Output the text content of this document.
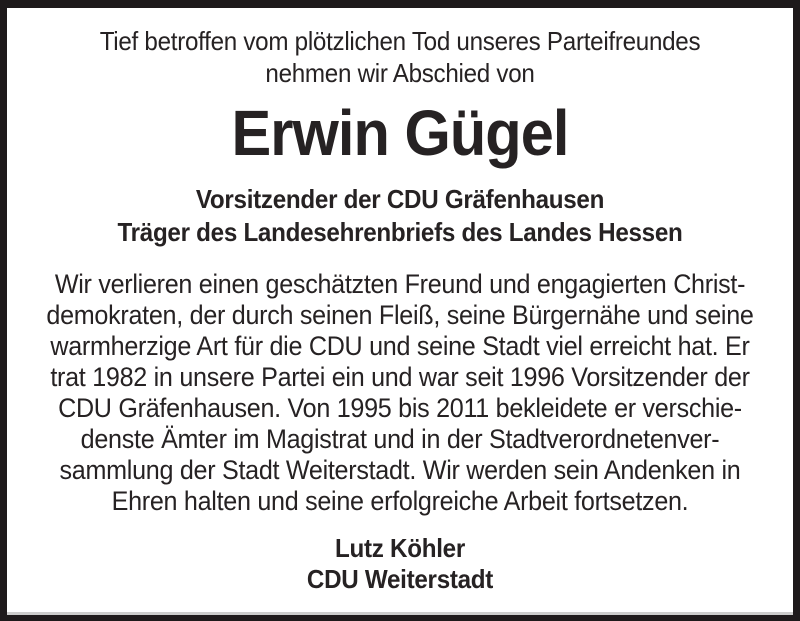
Tief betroffen vom plötzlichen Tod unseres Parteifreundes
nehmen wir Abschied von
Erwin Gügel
Vorsitzender der CDU Gräfenhausen
Träger des Landesehrenbriefs des Landes Hessen
Wir verlieren einen geschätzten Freund und engagierten Christ-
demokraten, der durch seinen Fleiß, seine Bürgernähe und seine
warmherzige Art für die CDU und seine Stadt viel erreicht hat. Er
trat 1982 in unsere Partei ein und war seit 1996 Vorsitzender der
CDU Gräfenhausen. Von 1995 bis 2011 bekleidete er verschie-
denste Ämter im Magistrat und in der Stadtverordnetenver-
sammlung der Stadt Weiterstadt. Wir werden sein Andenken in
Ehren halten und seine erfolgreiche Arbeit fortsetzen.
Lutz Köhler
CDU Weiterstadt
